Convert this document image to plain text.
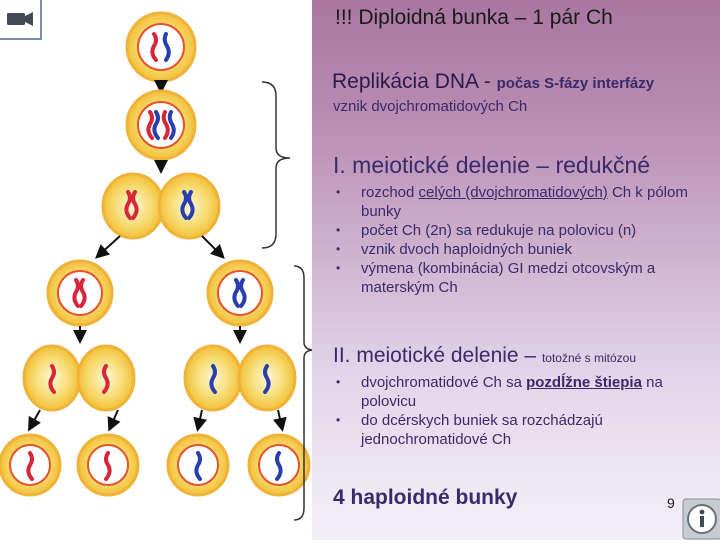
!!! Diploidná bunka – 1 pár Ch

Replikácia DNA - počas S-fázy interfázy

vznik dvojchromatidových Ch

I. meiotické delenie – redukčné

• rozchod celých (dvojchromatidových) Ch k pólom bunky
• počet Ch (2n) sa redukuje na polovicu (n)
• vznik dvoch haploidných buniek
• výmena (kombinácia) GI medzi otcovským a materským Ch

II. meiotické delenie – totožné s mitózou

• dvojchromatidové Ch sa pozdĺžne štiepia na polovicu
• do dcérskych buniek sa rozchádzajú jednochromatidové Ch

4 haploidné bunky	9
